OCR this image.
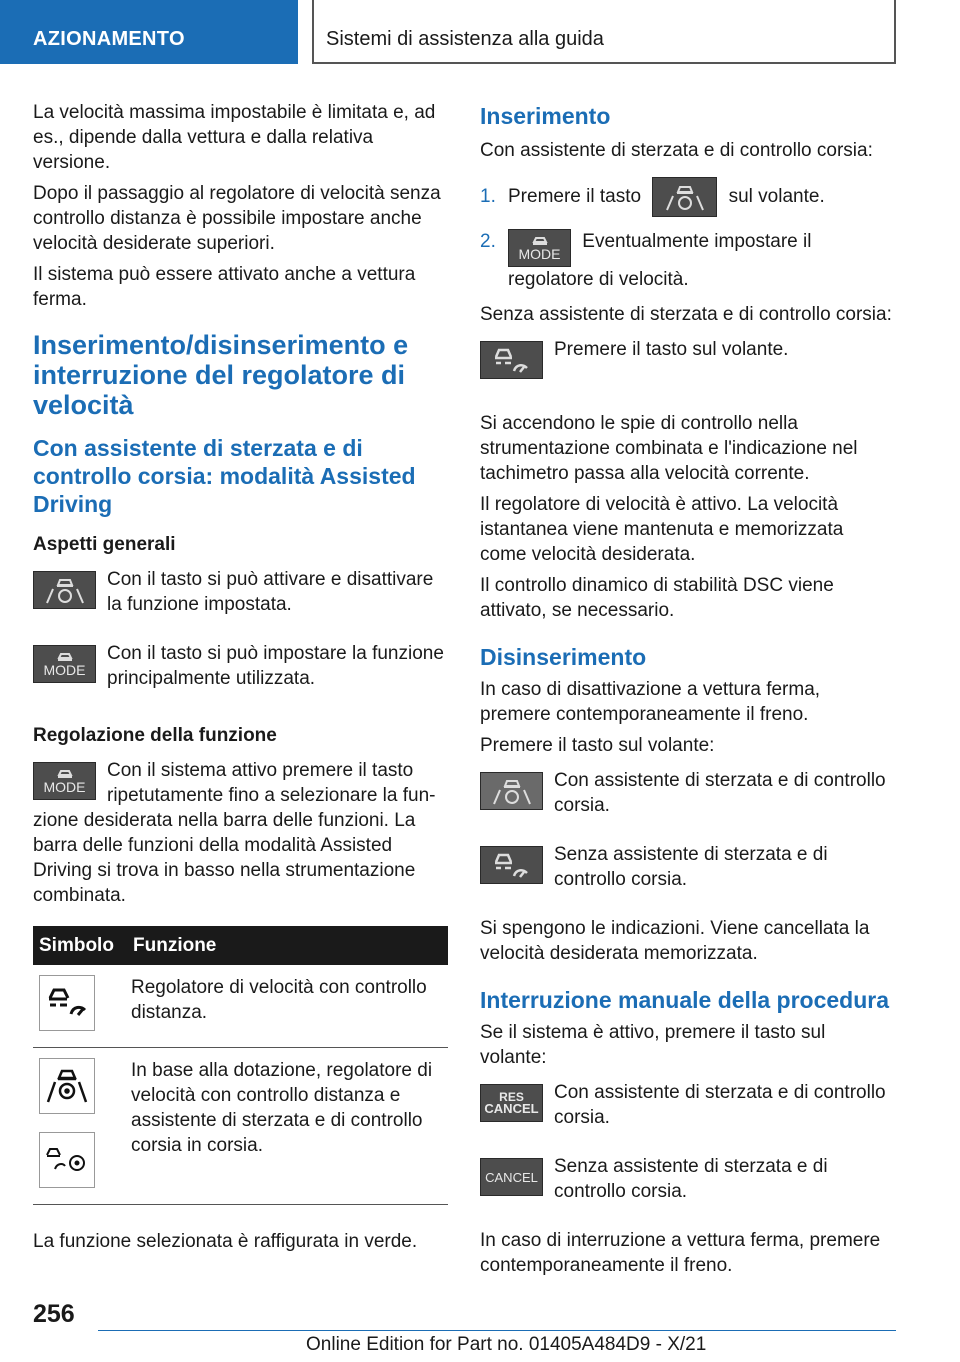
AZIONAMENTO	Sistemi di assistenza alla guida

La velocità massima impostabile è limitata e, ad es., dipende dalla vettura e dalla relativa versione.

Dopo il passaggio al regolatore di velocità senza controllo distanza è possibile impostare anche velocità desiderate superiori.

Il sistema può essere attivato anche a vettura ferma.

Inserimento/disinserimento e interruzione del regolatore di velocità
Con assistente di sterzata e di controllo corsia: modalità Assisted Driving
Aspetti generali
Con il tasto si può attivare e disattivare la funzione impostata.
MODE
Con il tasto si può impostare la funzione principalmente utilizzata.
Regolazione della funzione
MODE
Con il sistema attivo premere il tasto ripetutamente fino a selezionare la fun-
zione desiderata nella barra delle funzioni. La barra delle funzioni della modalità Assisted Driving si trova in basso nella strumentazione combinata.
Simbolo	Funzione

	Regolatore di velocità con controllo distanza.

	In base alla dotazione, regolatore di velocità con controllo distanza e assistente di sterzata e di controllo corsia in corsia.

La funzione selezionata è raffigurata in verde.

Inserimento

Con assistente di sterzata e di controllo corsia:

1. Premere il tasto	sul volante.
2.
MODE
Eventualmente impostare il regolatore di velocità.

Senza assistente di sterzata e di controllo corsia:

Premere il tasto sul volante.

Si accendono le spie di controllo nella strumentazione combinata e l'indicazione nel tachimetro passa alla velocità corrente.

Il regolatore di velocità è attivo. La velocità istantanea viene mantenuta e memorizzata come velocità desiderata.

Il controllo dinamico di stabilità DSC viene attivato, se necessario.

Disinserimento

In caso di disattivazione a vettura ferma, premere contemporaneamente il freno.

Premere il tasto sul volante:

Con assistente di sterzata e di controllo corsia.
Senza assistente di sterzata e di controllo corsia.

Si spengono le indicazioni. Viene cancellata la velocità desiderata memorizzata.

Interruzione manuale della procedura

Se il sistema è attivo, premere il tasto sul volante:

RES
CANCEL
Con assistente di sterzata e di controllo corsia.
CANCEL Senza assistente di sterzata e di controllo corsia.

In caso di interruzione a vettura ferma, premere contemporaneamente il freno.

256
Online Edition for Part no. 01405A484D9 - X/21
